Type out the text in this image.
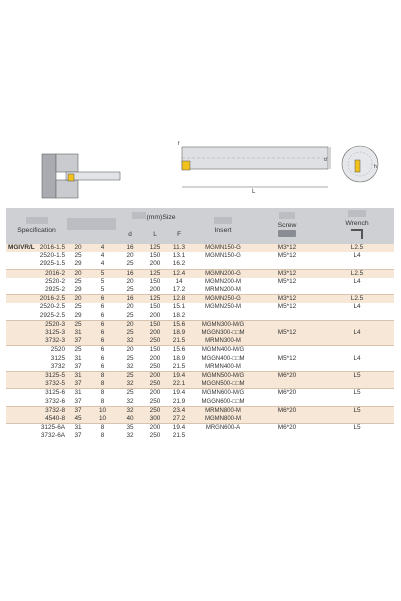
L
f
d
h
Specification				(mm)Size			Insert	Screw	Wrench

				d	L	F			
MGIVR/L	2016-1.5	20	4	16	125	11.3	MGMN150-G	M3*12	L2.5
	2520-1.5	25	4	20	150	13.1	MGMN150-G	M5*12	L4
	2925-1.5	29	4	25	200	16.2			
	2016-2	20	5	16	125	12.4	MGMN200-G	M3*12	L2.5
	2520-2	25	5	20	150	14	MGMN200-M	M5*12	L4
	2925-2	29	5	25	200	17.2	MRMN200-M		
	2016-2.5	20	6	16	125	12.8	MGMN250-G	M3*12	L2.5
	2520-2.5	25	6	20	150	15.1	MGMN250-M	M5*12	L4
	2925-2.5	29	6	25	200	18.2			
	2520-3	25	6	20	150	15.6	MGMN300-M/G		
	3125-3	31	6	25	200	18.9	MGGN300-□□M	M5*12	L4
	3732-3	37	6	32	250	21.5	MRMN300-M		
	2520	25	6	20	150	15.6	MGMN400-M/G		
	3125	31	6	25	200	18.9	MGGN400-□□M	M5*12	L4
	3732	37	6	32	250	21.5	MRMN400-M		
	3125-5	31	8	25	200	19.4	MGMN500-M/G	M6*20	L5
	3732-5	37	8	32	250	22.1	MGGN500-□□M		
	3125-6	31	8	25	200	19.4	MGMN600-M/G	M6*20	L5
	3732-6	37	8	32	250	21.9	MGGN600-□□M		
	3732-8	37	10	32	250	23.4	MRMN800-M	M6*20	L5
	4540-8	45	10	40	300	27.2	MGMN800-M		
	3125-6A	31	8	35	200	19.4	MRGN600-A	M6*20	L5
	3732-6A	37	8	32	250	21.5			
